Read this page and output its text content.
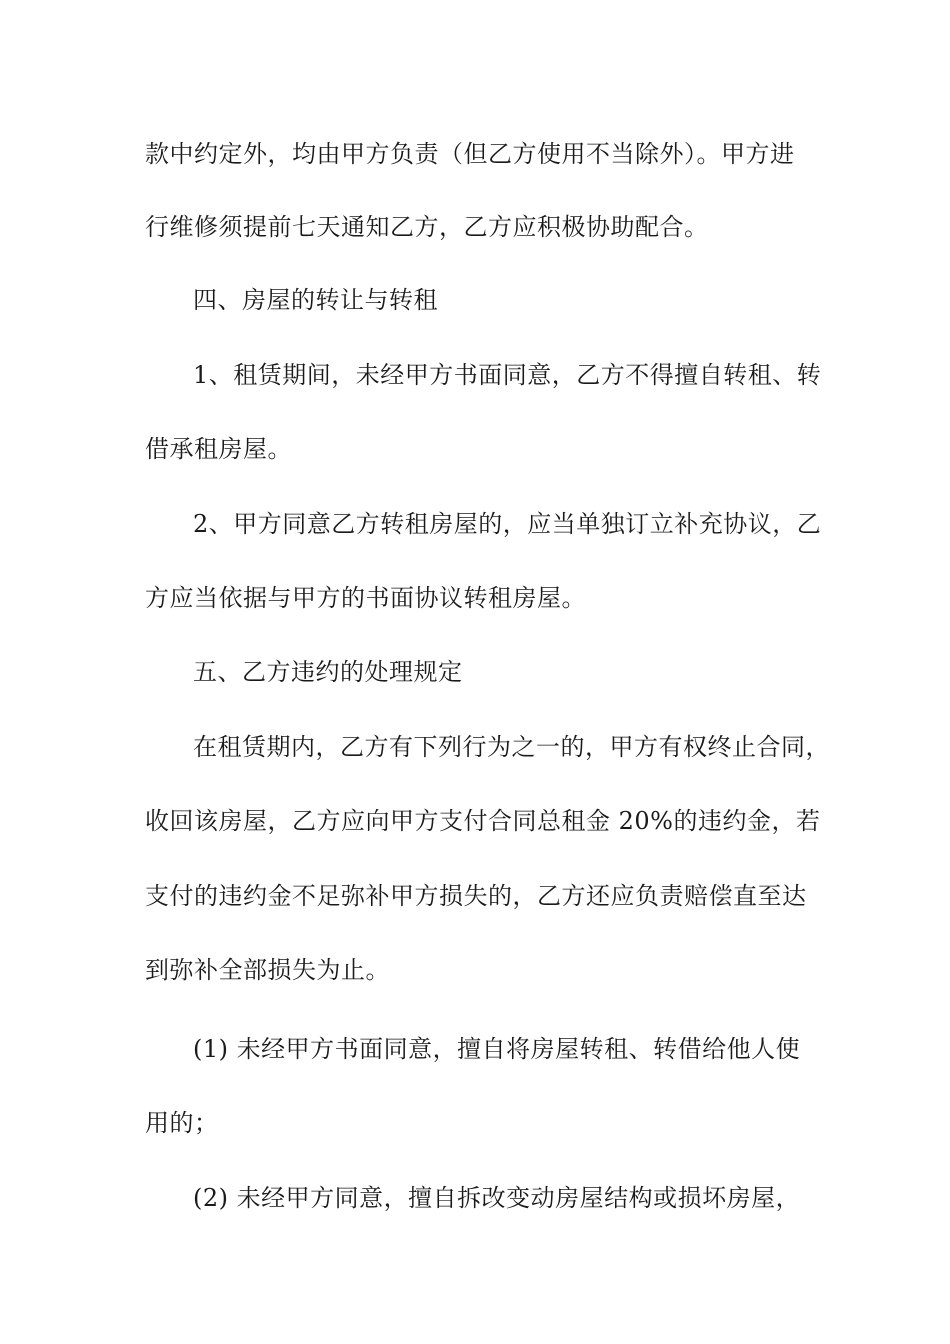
款中约定外，均由甲方负责（但乙方使用不当除外）。甲方进
行维修须提前七天通知乙方，乙方应积极协助配合。
四、房屋的转让与转租
1、租赁期间，未经甲方书面同意，乙方不得擅自转租、转
借承租房屋。
2、甲方同意乙方转租房屋的，应当单独订立补充协议，乙
方应当依据与甲方的书面协议转租房屋。
五、乙方违约的处理规定
在租赁期内，乙方有下列行为之一的，甲方有权终止合同，
收回该房屋，乙方应向甲方支付合同总租金 20%的违约金，若
支付的违约金不足弥补甲方损失的，乙方还应负责赔偿直至达
到弥补全部损失为止。
(1) 未经甲方书面同意，擅自将房屋转租、转借给他人使
用的；
(2) 未经甲方同意，擅自拆改变动房屋结构或损坏房屋，
